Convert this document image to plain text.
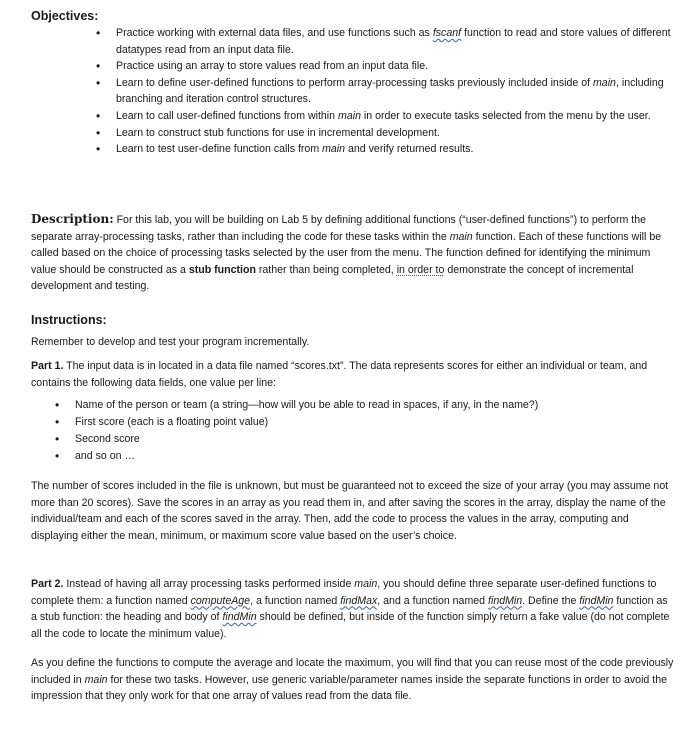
Objectives:
• Practice working with external data files, and use functions such as fscanf function to read and store values of different datatypes read from an input data file.
• Practice using an array to store values read from an input data file.
• Learn to define user-defined functions to perform array-processing tasks previously included inside of main, including branching and iteration control structures.
• Learn to call user-defined functions from within main in order to execute tasks selected from the menu by the user.
• Learn to construct stub functions for use in incremental development.
• Learn to test user-define function calls from main and verify returned results.
Description: For this lab, you will be building on Lab 5 by defining additional functions (“user-defined functions”) to perform the separate array-processing tasks, rather than including the code for these tasks within the main function. Each of these functions will be called based on the choice of processing tasks selected by the user from the menu. The function defined for identifying the minimum value should be constructed as a stub function rather than being completed, in order to demonstrate the concept of incremental development and testing.
Instructions:
Remember to develop and test your program incrementally.
Part 1. The input data is in located in a data file named “scores.txt”. The data represents scores for either an individual or team, and contains the following data fields, one value per line:
• Name of the person or team (a string—how will you be able to read in spaces, if any, in the name?)
• First score (each is a floating point value)
• Second score
• and so on …
The number of scores included in the file is unknown, but must be guaranteed not to exceed the size of your array (you may assume not more than 20 scores). Save the scores in an array as you read them in, and after saving the scores in the array, display the name of the individual/team and each of the scores saved in the array. Then, add the code to process the values in the array, computing and displaying either the mean, minimum, or maximum score value based on the user’s choice.
Part 2. Instead of having all array processing tasks performed inside main, you should define three separate user-defined functions to complete them: a function named computeAge, a function named findMax, and a function named findMin. Define the findMin function as a stub function: the heading and body of findMin should be defined, but inside of the function simply return a fake value (do not complete all the code to locate the minimum value).
As you define the functions to compute the average and locate the maximum, you will find that you can reuse most of the code previously included in main for these two tasks. However, use generic variable/parameter names inside the separate functions in order to avoid the impression that they only work for that one array of values read from the data file.
